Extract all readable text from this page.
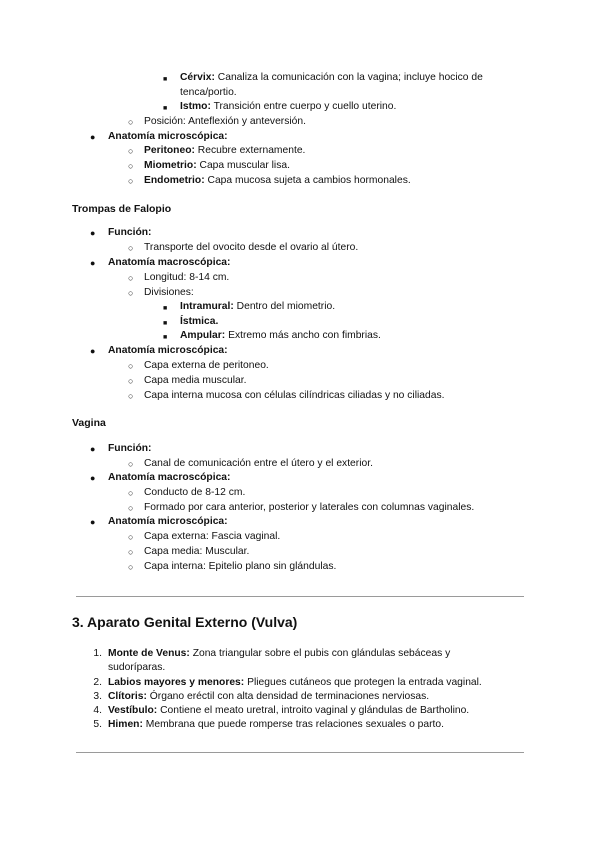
■ Cérvix: Canaliza la comunicación con la vagina; incluye hocico de
tenca/portio.
■ Istmo: Transición entre cuerpo y cuello uterino.
○ Posición: Anteflexión y anteversión.
● Anatomía microscópica:
○ Peritoneo: Recubre externamente.
○ Miometrio: Capa muscular lisa.
○ Endometrio: Capa mucosa sujeta a cambios hormonales.
Trompas de Falopio
● Función:
○ Transporte del ovocito desde el ovario al útero.
● Anatomía macroscópica:
○ Longitud: 8-14 cm.
○ Divisiones:
■ Intramural: Dentro del miometrio.
■ Ístmica.
■ Ampular: Extremo más ancho con fimbrias.
● Anatomía microscópica:
○ Capa externa de peritoneo.
○ Capa media muscular.
○ Capa interna mucosa con células cilíndricas ciliadas y no ciliadas.
Vagina
● Función:
○ Canal de comunicación entre el útero y el exterior.
● Anatomía macroscópica:
○ Conducto de 8-12 cm.
○ Formado por cara anterior, posterior y laterales con columnas vaginales.
● Anatomía microscópica:
○ Capa externa: Fascia vaginal.
○ Capa media: Muscular.
○ Capa interna: Epitelio plano sin glándulas.
3. Aparato Genital Externo (Vulva)
1. Monte de Venus: Zona triangular sobre el pubis con glándulas sebáceas y
sudoríparas.
2. Labios mayores y menores: Pliegues cutáneos que protegen la entrada vaginal.
3. Clítoris: Órgano eréctil con alta densidad de terminaciones nerviosas.
4. Vestíbulo: Contiene el meato uretral, introito vaginal y glándulas de Bartholino.
5. Himen: Membrana que puede romperse tras relaciones sexuales o parto.
